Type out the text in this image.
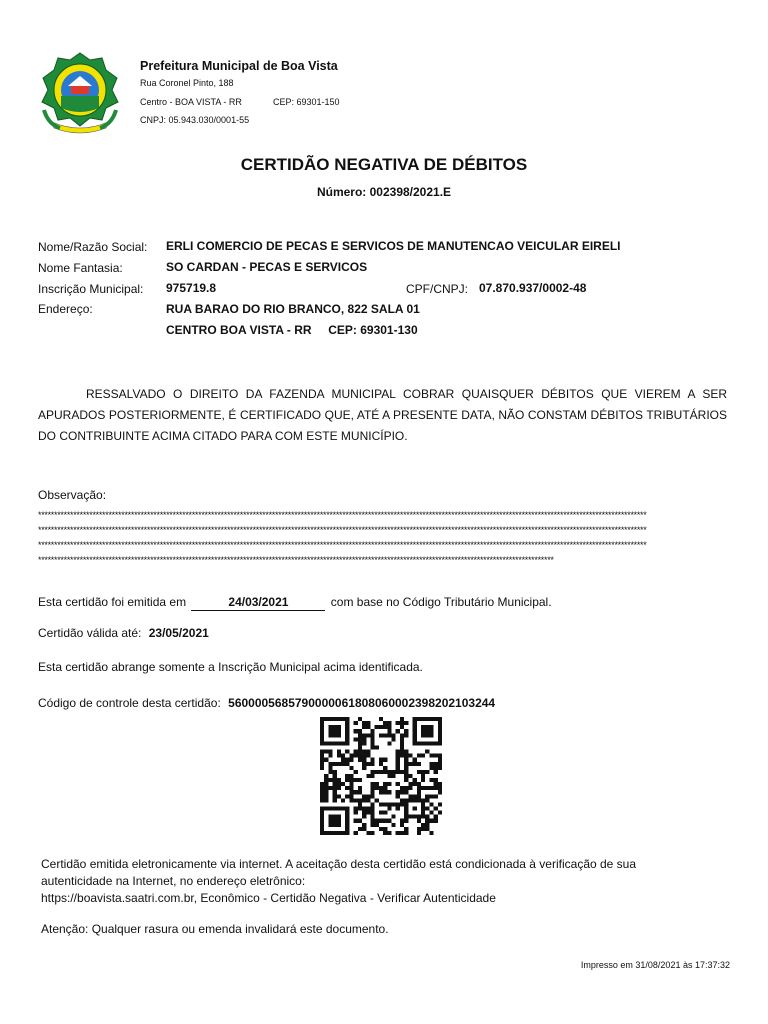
Prefeitura Municipal de Boa Vista
Rua Coronel Pinto, 188
Centro - BOA VISTA - RR	CEP: 69301-150
CNPJ: 05.943.030/0001-55
CERTIDÃO NEGATIVA DE DÉBITOS
Número: 002398/2021.E
Nome/Razão Social: ERLI COMERCIO DE PECAS E SERVICOS DE MANUTENCAO VEICULAR EIRELI
Nome Fantasia:	SO CARDAN - PECAS E SERVICOS
Inscrição Municipal: 975719.8	CPF/CNPJ: 07.870.937/0002-48
Endereço:	RUA BARAO DO RIO BRANCO, 822 SALA 01
CENTRO BOA VISTA - RR     CEP: 69301-130
RESSALVADO O DIREITO DA FAZENDA MUNICIPAL COBRAR QUAISQUER DÉBITOS QUE VIEREM A SER APURADOS POSTERIORMENTE, É CERTIFICADO QUE, ATÉ A PRESENTE DATA, NÃO CONSTAM DÉBITOS TRIBUTÁRIOS DO CONTRIBUINTE ACIMA CITADO PARA COM ESTE MUNICÍPIO.
Observação:
**********************************************************************************************************************************************************************************************
**********************************************************************************************************************************************************************************************
**********************************************************************************************************************************************************************************************
*****************************************************************************************************************************************************************
Esta certidão foi emitida em	24/03/2021	com base no Código Tributário Municipal.
Certidão válida até: 23/05/2021
Esta certidão abrange somente a Inscrição Municipal acima identificada.
Código de controle desta certidão: 56000056857900000618080600023982021032​44
Certidão emitida eletronicamente via internet. A aceitação desta certidão está condicionada à verificação de sua
autenticidade na Internet, no endereço eletrônico:
https://boavista.saatri.com.br, Econômico - Certidão Negativa - Verificar Autenticidade
Atenção: Qualquer rasura ou emenda invalidará este documento.
Impresso em 31/08/2021 às 17:37:32
